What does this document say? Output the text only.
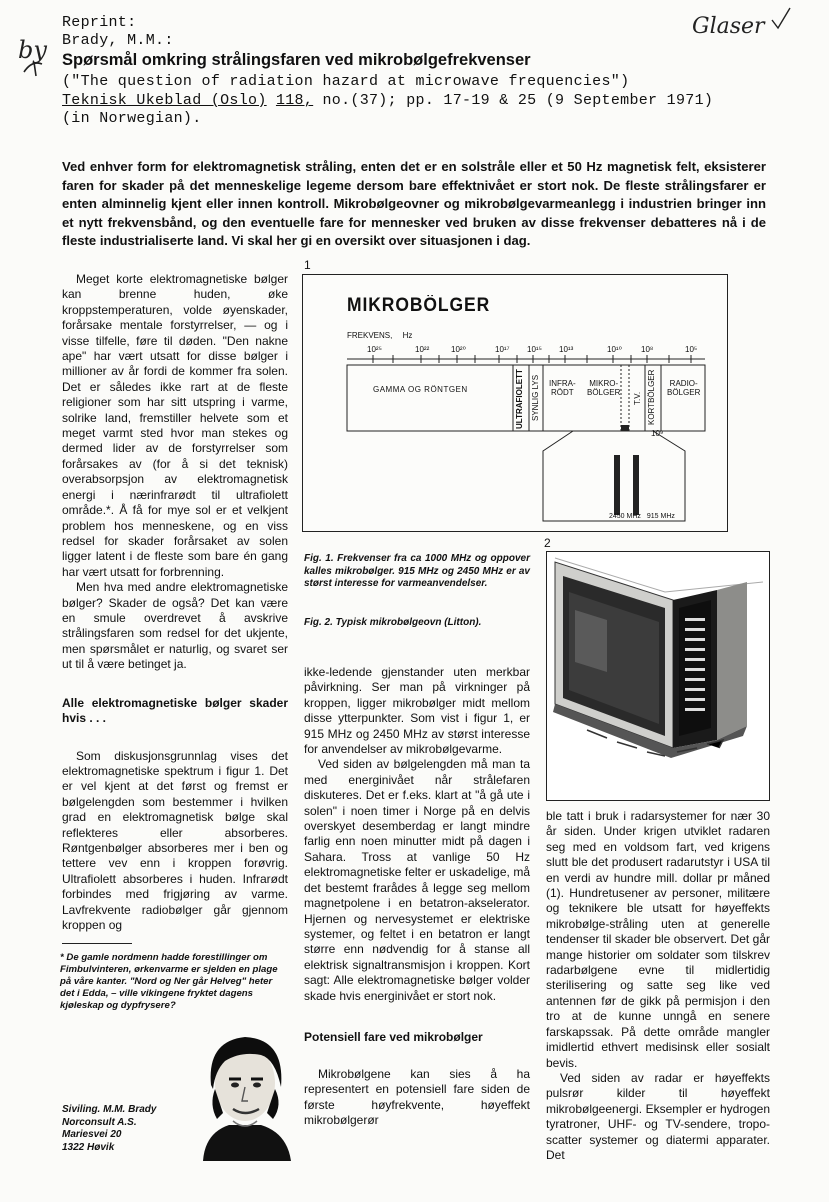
Reprint:
Brady, M.M.:
by Spørsmål omkring strålingsfaren ved mikrobølgefrekvenser
("The question of radiation hazard at microwave frequencies")
Teknisk Ukeblad (Oslo) 118, no.(37); pp. 17-19 & 25 (9 September 1971)
(in Norwegian).
Glaser
Ved enhver form for elektromagnetisk stråling, enten det er en solstråle eller et 50 Hz magnetisk felt, eksisterer faren for skader på det menneskelige legeme dersom bare effektnivået er stort nok. De fleste strålingsfarer er enten alminnelig kjent eller innen kontroll. Mikrobølgeovner og mikrobølgevarmeanlegg i industrien bringer inn et nytt frekvensbånd, og den eventuelle fare for mennesker ved bruken av disse frekvenser debatteres nå i de fleste industrialiserte land. Vi skal her gi en oversikt over situasjonen i dag.

Meget korte elektromagnetiske bølger kan brenne huden, øke kroppstemperaturen, volde øyenskader, forårsake mentale forstyrrelser, — og i visse tilfelle, føre til døden. "Den nakne ape" har vært utsatt for disse bølger i millioner av år fordi de kommer fra solen. Det er således ikke rart at de fleste religioner som har sitt utspring i varme, solrike land, fremstiller helvete som et meget varmt sted hvor man stekes og dermed lider av de forstyrrelser som forårsakes av (for å si det teknisk) overabsorpsjon av elektromagnetisk energi i nærinfrarødt til ultrafiolett område.*. Å få for mye sol er et velkjent problem hos menneskene, og en viss redsel for skader forårsaket av solen ligger latent i de fleste som bare én gang har vært utsatt for forbrenning.

Men hva med andre elektromagnetiske bølger? Skader de også? Det kan være en smule overdrevet å avskrive strålingsfaren som redsel for det ukjente, men spørsmålet er naturlig, og svaret ser ut til å være betinget ja.

Alle elektromagnetiske bølger skader hvis . . .

Som diskusjonsgrunnlag vises det elektromagnetiske spektrum i figur 1. Det er vel kjent at det først og fremst er bølgelengden som bestemmer i hvilken grad en elektromagnetisk bølge skal reflekteres eller absorberes. Røntgenbølger absorberes mer i ben og tettere vev enn i kroppen forøvrig. Ultrafiolett absorberes i huden. Infrarødt forbindes med frigjøring av varme. Lavfrekvente radiobølger går gjennom kroppen og

* De gamle nordmenn hadde forestillinger om Fimbulvinteren, ørkenvarme er sjelden en plage på våre kanter. "Nord og Ner går Helveg" heter det i Edda, – ville vikingene fryktet dagens kjøleskap og dypfrysere?
Siviling. M.M. Brady
Norconsult A.S.
Mariesvei 20
1322 Høvik
1
MIKROBÖLGER
FREKVENS, Hz
10²⁵	10²²	10²⁰	10¹⁷ 10¹⁵ 10¹³	10¹⁰ 10⁸	10⁵
GAMMA OG RÖNTGEN	ULTRAFIOLETT SYNLIG LYS INFRA-
RÖDT
MIKRO-
BÖLGER T.V. KORTBÖLGER	RADIO-
BÖLGER
10⁹
2450 MHz 915 MHz
Fig. 1. Frekvenser fra ca 1000 MHz og oppover kalles mikrobølger. 915 MHz og 2450 MHz er av størst interesse for varmeanvendelser.
Fig. 2. Typisk mikrobølgeovn (Litton).
2

ikke-ledende gjenstander uten merkbar påvirkning. Ser man på virkninger på kroppen, ligger mikrobølger midt mellom disse ytterpunkter. Som vist i figur 1, er 915 MHz og 2450 MHz av størst interesse for anvendelser av mikrobølgevarme.

Ved siden av bølgelengden må man ta med energinivået når strålefaren diskuteres. Det er f.eks. klart at "å gå ute i solen" i noen timer i Norge på en delvis overskyet desemberdag er langt mindre farlig enn noen minutter midt på dagen i Sahara. Tross at vanlige 50 Hz elektromagnetiske felter er uskadelige, må det bestemt frarådes å legge seg mellom magnetpolene i en betatron-akselerator. Hjernen og nervesystemet er elektriske systemer, og feltet i en betatron er langt større enn nødvendig for å stanse all elektrisk signaltransmisjon i kroppen. Kort sagt: Alle elektromagnetiske bølger volder skade hvis energinivået er stort nok.

Potensiell fare ved mikrobølger

Mikrobølgene kan sies å ha representert en potensiell fare siden de første høyfrekvente, høyeffekt mikrobølgerør

ble tatt i bruk i radarsystemer for nær 30 år siden. Under krigen utviklet radaren seg med en voldsom fart, ved krigens slutt ble det produsert radarutstyr i USA til en verdi av hundre mill. dollar pr måned (1). Hundretusener av personer, militære og teknikere ble utsatt for høyeffekts mikrobølge-stråling uten at generelle tendenser til skader ble observert. Det går mange historier om soldater som tilskrev radarbølgene evne til midlertidig sterilisering og satte seg like ved antennen før de gikk på permisjon i den tro at de kunne unngå en senere farskapssak. På dette område mangler imidlertid ethvert medisinsk eller sosialt bevis.

Ved siden av radar er høyeffekts pulsrør kilder til høyeffekt mikrobølgeenergi. Eksempler er hydrogen tyratroner, UHF- og TV-sendere, tropo-scatter systemer og diatermi apparater. Det
